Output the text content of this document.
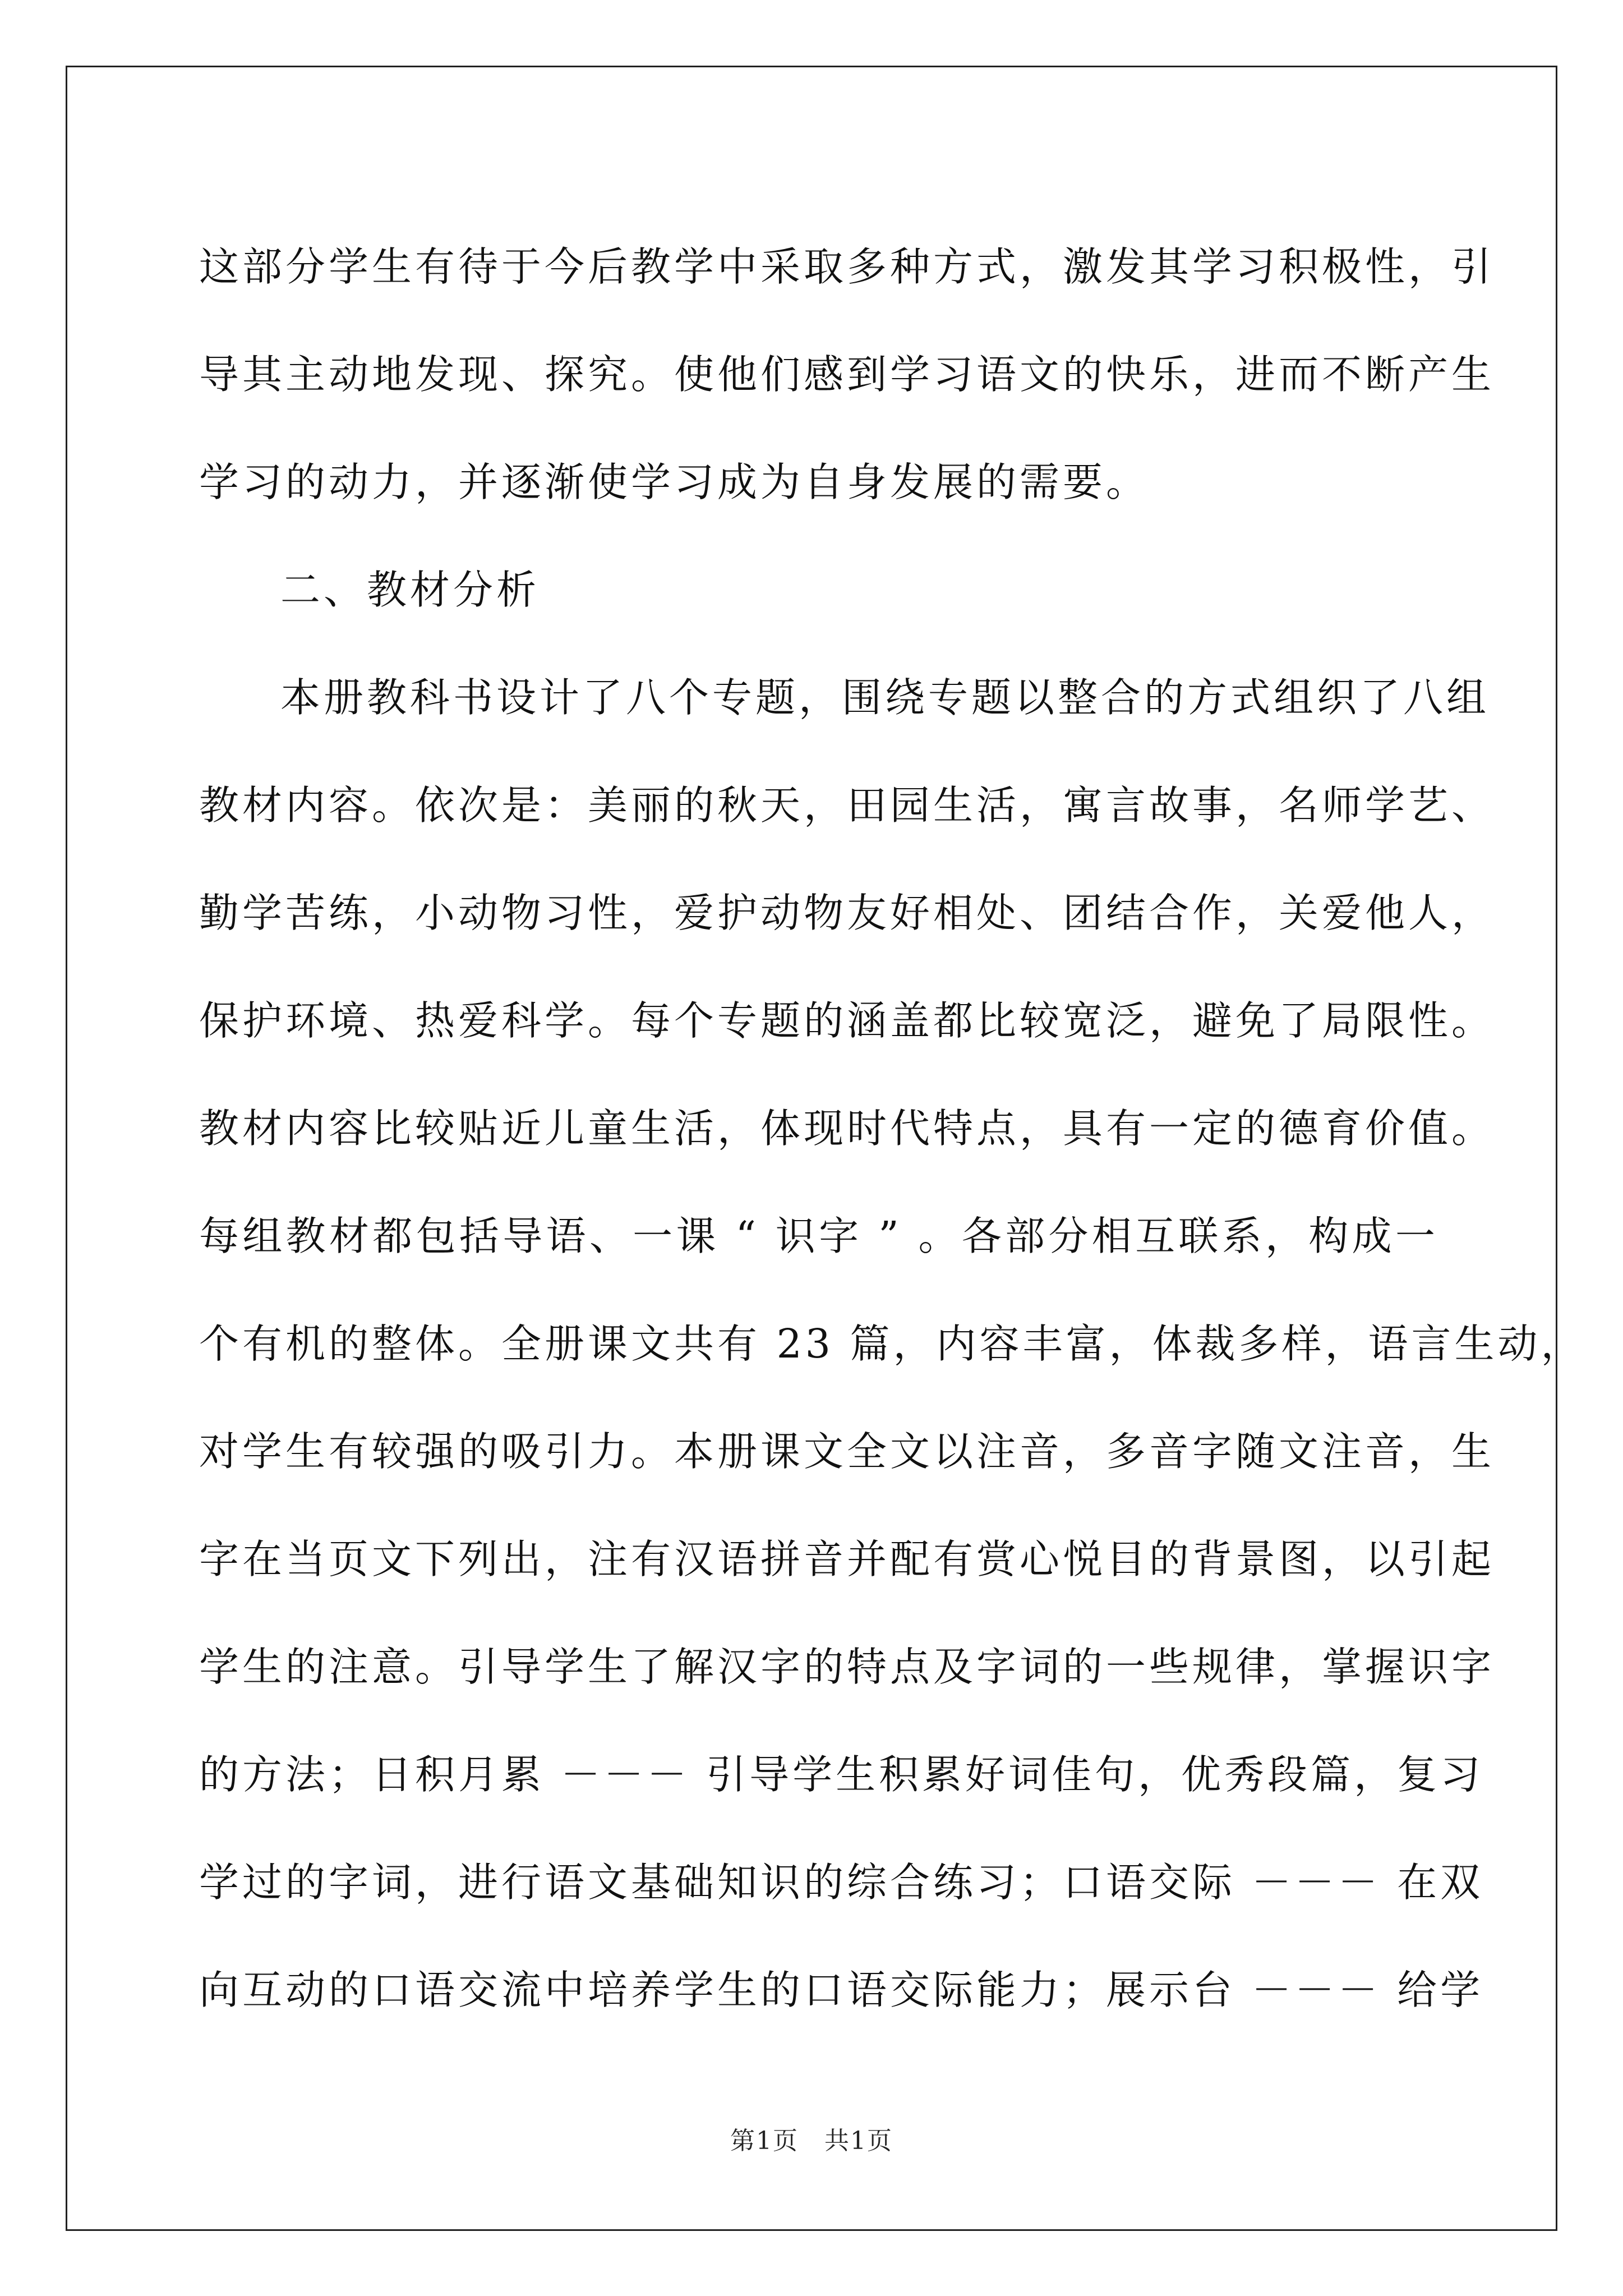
这部分学生有待于今后教学中采取多种方式，激发其学习积极性，引
导其主动地发现、探究。使他们感到学习语文的快乐，进而不断产生
学习的动力，并逐渐使学习成为自身发展的需要。
二、教材分析
本册教科书设计了八个专题，围绕专题以整合的方式组织了八组
教材内容。依次是：美丽的秋天，田园生活，寓言故事，名师学艺、
勤学苦练，小动物习性，爱护动物友好相处、团结合作，关爱他人，
保护环境、热爱科学。每个专题的涵盖都比较宽泛，避免了局限性。
教材内容比较贴近儿童生活，体现时代特点，具有一定的德育价值。
每组教材都包括导语、一课 “ 识字 ” 。各部分相互联系，构成一
个有机的整体。全册课文共有 23 篇，内容丰富，体裁多样，语言生动，
对学生有较强的吸引力。本册课文全文以注音，多音字随文注音，生
字在当页文下列出，注有汉语拼音并配有赏心悦目的背景图，以引起
学生的注意。引导学生了解汉字的特点及字词的一些规律，掌握识字
的方法；日积月累 －－－ 引导学生积累好词佳句，优秀段篇，复习
学过的字词，进行语文基础知识的综合练习；口语交际 －－－ 在双
向互动的口语交流中培养学生的口语交际能力；展示台 －－－ 给学
第1页　共1页
